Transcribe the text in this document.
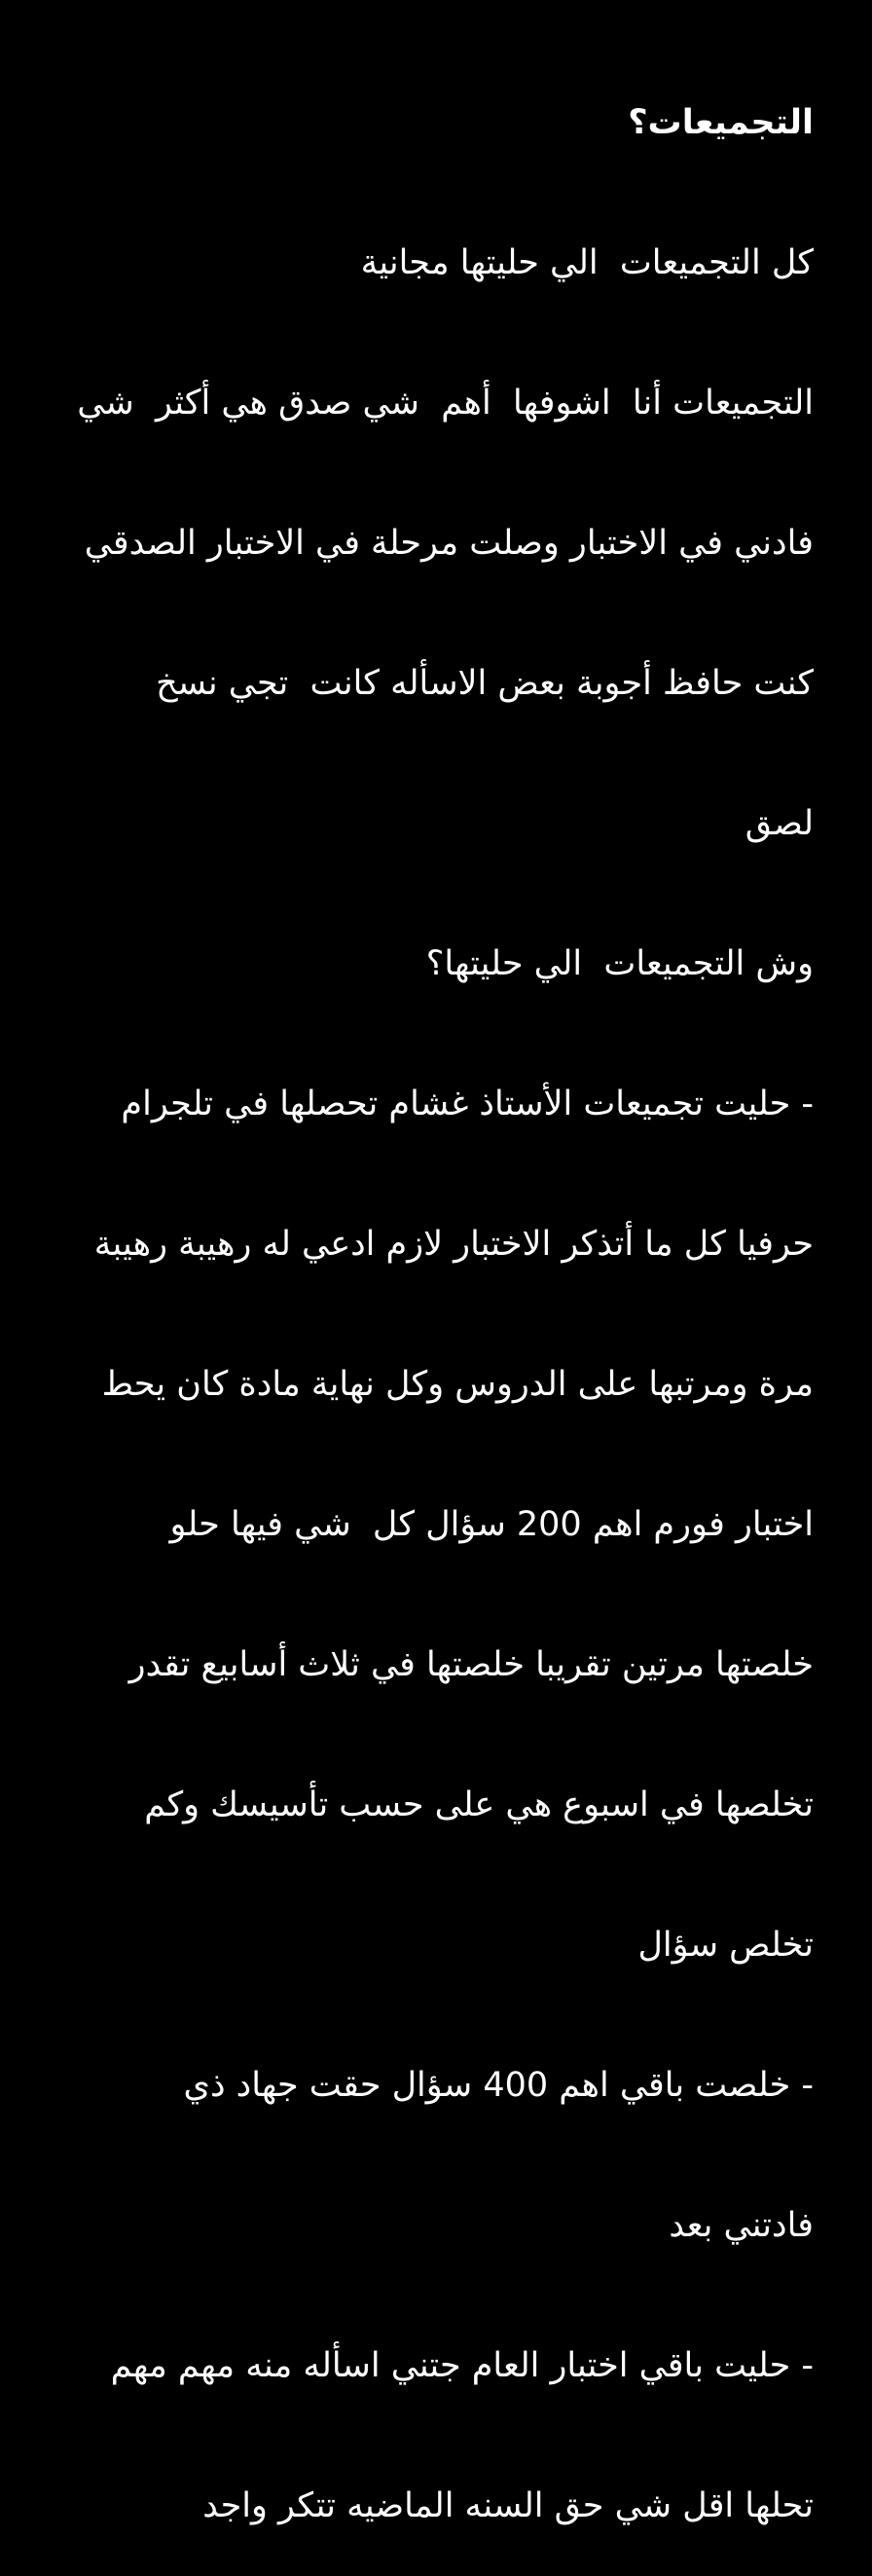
التجميعات؟

كل التجميعات  الي حليتها مجانية

التجميعات أنا  اشوفها  أهم  شي صدق هي أكثر  شي

فادني في الاختبار وصلت مرحلة في الاختبار الصدقي

كنت حافظ أجوبة بعض الاسأله كانت  تجي نسخ

لصق

وش التجميعات  الي حليتها؟

- حليت تجميعات الأستاذ غشام تحصلها في تلجرام

حرفيا كل ما أتذكر الاختبار لازم ادعي له رهيبة رهيبة

مرة ومرتبها على الدروس وكل نهاية مادة كان يحط

اختبار فورم اهم 200 سؤال كل  شي فيها حلو

خلصتها مرتين تقريبا خلصتها في ثلاث أسابيع تقدر

تخلصها في اسبوع هي على حسب تأسيسك وكم

تخلص سؤال

- خلصت باقي اهم 400 سؤال حقت جهاد ذي

فادتني بعد

- حليت باقي اختبار العام جتني اسأله منه مهم مهم

تحلها اقل شي حق السنه الماضيه تتكر واجد
